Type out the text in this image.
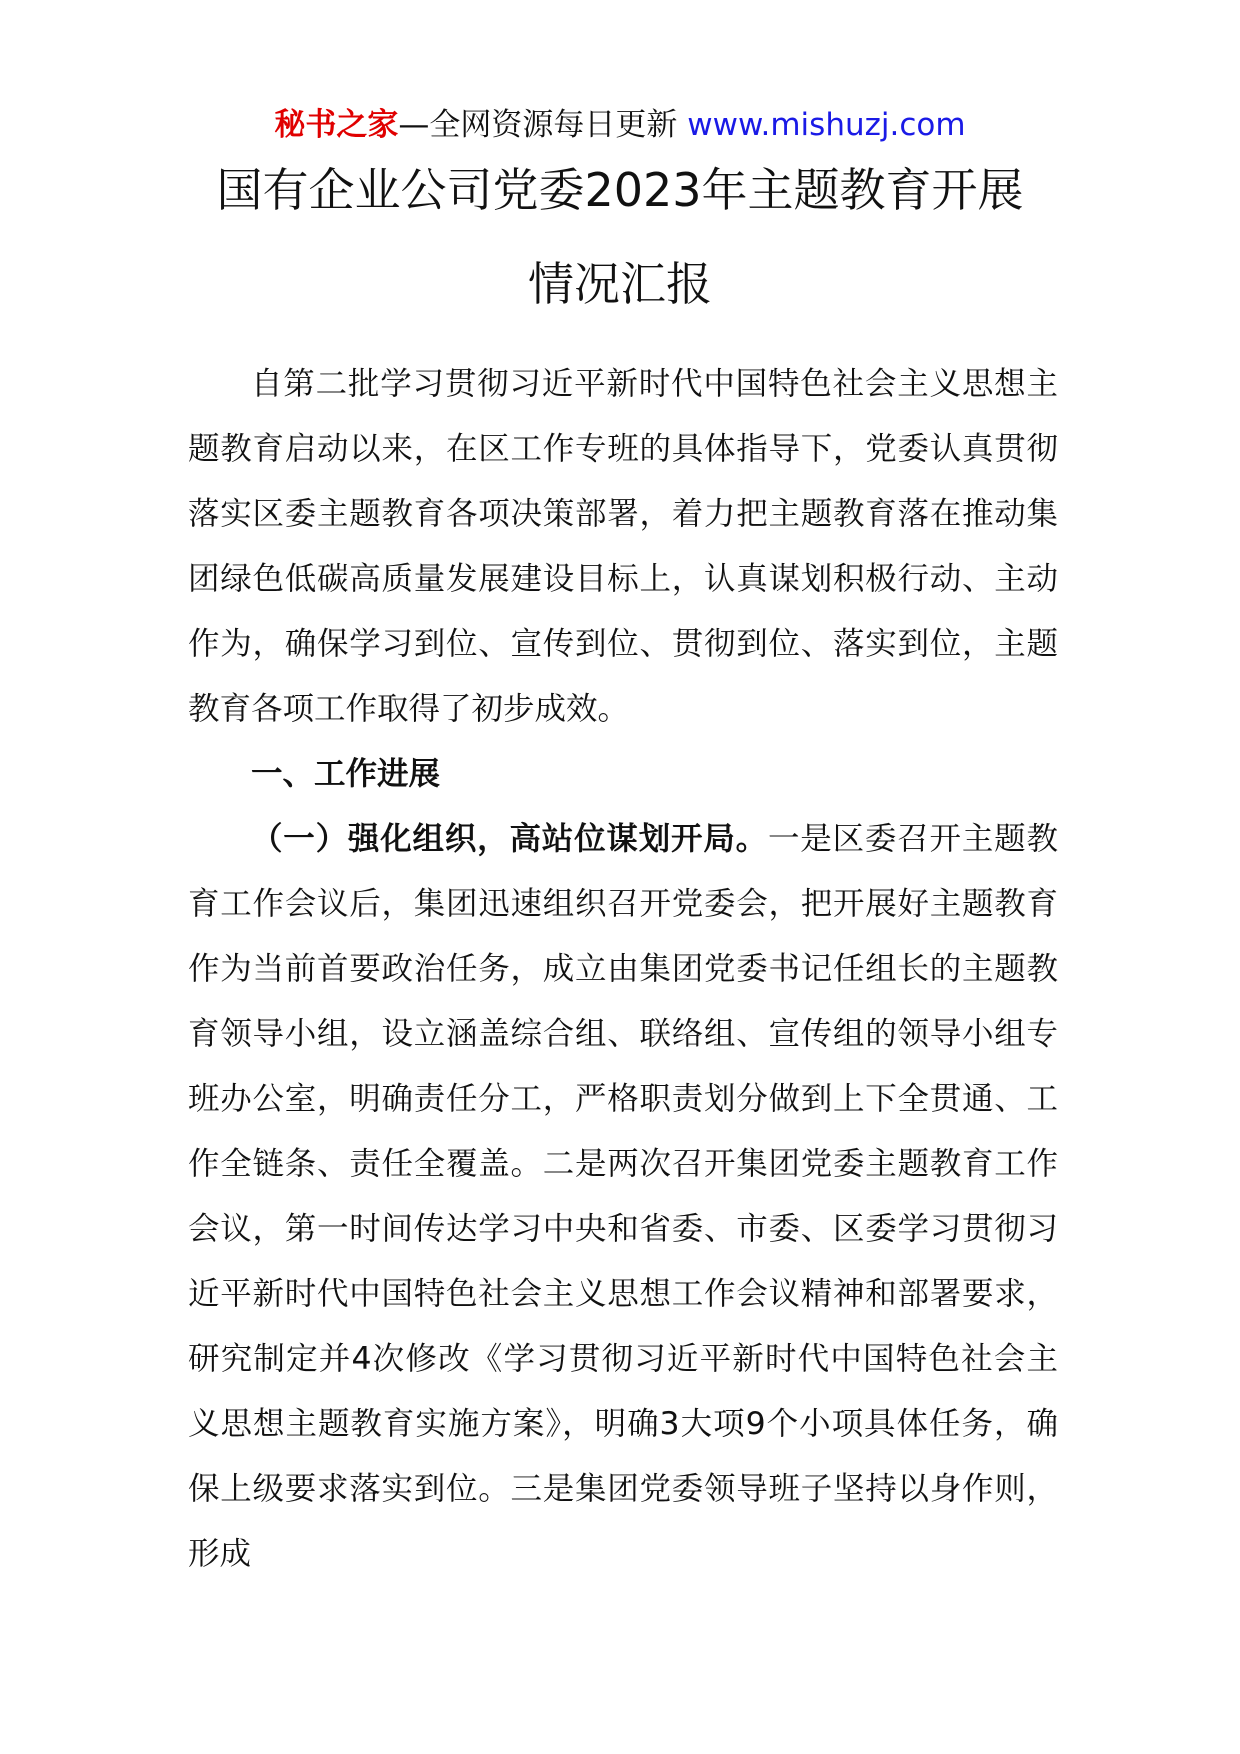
秘书之家—全网资源每日更新 www.mishuzj.com
国有企业公司党委2023年主题教育开展
情况汇报

自第二批学习贯彻习近平新时代中国特色社会主义思想主题教育启动以来，在区工作专班的具体指导下，党委认真贯彻落实区委主题教育各项决策部署，着力把主题教育落在推动集团绿色低碳高质量发展建设目标上，认真谋划积极行动、主动作为，确保学习到位、宣传到位、贯彻到位、落实到位，主题教育各项工作取得了初步成效。

一、工作进展

（一）强化组织，高站位谋划开局。一是区委召开主题教育工作会议后，集团迅速组织召开党委会，把开展好主题教育作为当前首要政治任务，成立由集团党委书记任组长的主题教育领导小组，设立涵盖综合组、联络组、宣传组的领导小组专班办公室，明确责任分工，严格职责划分做到上下全贯通、工作全链条、责任全覆盖。二是两次召开集团党委主题教育工作会议，第一时间传达学习中央和省委、市委、区委学习贯彻习近平新时代中国特色社会主义思想工作会议精神和部署要求，研究制定并4次修改《学习贯彻习近平新时代中国特色社会主义思想主题教育实施方案》，明确3大项9个小项具体任务，确保上级要求落实到位。三是集团党委领导班子坚持以身作则，形成
